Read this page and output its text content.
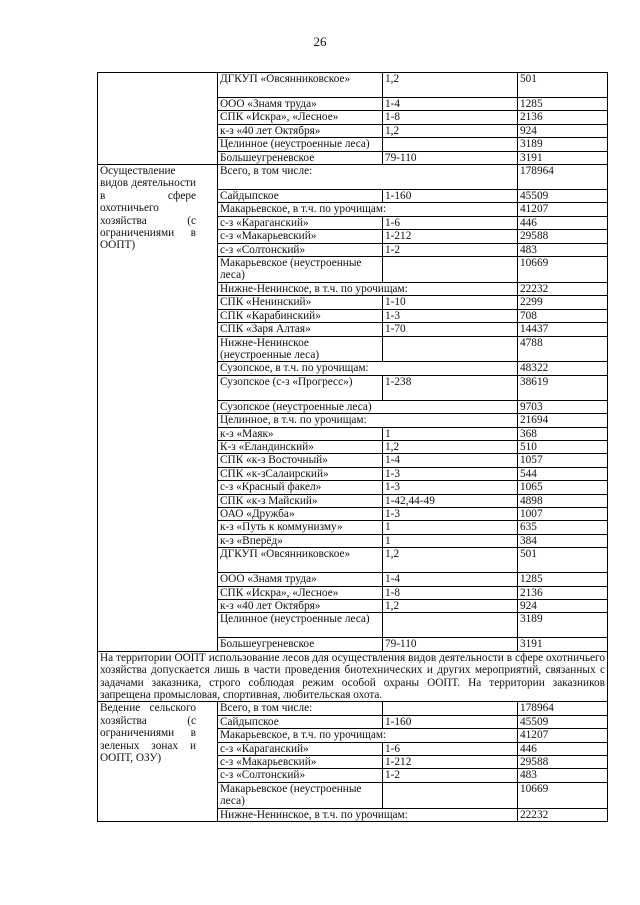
26
	ДГКУП «Овсянниковское»	1,2	501
	ООО «Знамя труда»	1-4	1285
	СПК «Искра», «Лесное»	1-8	2136
	к-з «40 лет Октября»	1,2	924
	Целинное (неустроенные леса)		3189
	Большеугреневское	79-110	3191

Осуществление видов деятельности в сфере охотничьего хозяйства (с ограничениями в ООПТ)	Всего, в том числе:		178964
	Сайдыпское	1-160	45509
	Макарьевское, в т.ч. по урочищам:		41207
	с-з «Караганский»	1-6	446
	с-з «Макарьевский»	1-212	29588
	с-з «Солтонский»	1-2	483
	Макарьевское (неустроенные леса)		10669
	Нижне-Ненинское, в т.ч. по урочищам:		22232
	СПК «Ненинский»	1-10	2299
	СПК «Карабинский»	1-3	708
	СПК «Заря Алтая»	1-70	14437
	Нижне-Ненинское (неустроенные леса)		4788
	Сузопское, в т.ч. по урочищам:		48322
	Сузопское (с-з «Прогресс»)	1-238	38619
	Сузопское (неустроенные леса)		9703
	Целинное, в т.ч. по урочищам:		21694
	к-з «Маяк»	1	368
	К-з «Еландинский»	1,2	510
	СПК «к-з Восточный»	1-4	1057
	СПК «к-зСалаирский»	1-3	544
	с-з «Красный факел»	1-3	1065
	СПК «к-з Майский»	1-42,44-49	4898
	ОАО «Дружба»	1-3	1007
	к-з «Путь к коммунизму»	1	635
	к-з «Вперёд»	1	384
	ДГКУП «Овсянниковское»	1,2	501
	ООО «Знамя труда»	1-4	1285
	СПК «Искра», «Лесное»	1-8	2136
	к-з «40 лет Октября»	1,2	924
	Целинное (неустроенные леса)		3189
	Большеугреневское	79-110	3191
На территории ООПТ использование лесов для осуществления видов деятельности в сфере охотничьего хозяйства допускается лишь в части проведения биотехнических и других мероприятий, связанных с задачами заказника, строго соблюдая режим особой охраны ООПТ. На территории заказников запрещена промысловая, спортивная, любительская охота.			

Ведение сельского хозяйства (с ограничениями в зеленых зонах и ООПТ, ОЗУ)	Всего, в том числе:		178964
	Сайдыпское	1-160	45509
	Макарьевское, в т.ч. по урочищам:		41207
	с-з «Караганский»	1-6	446
	с-з «Макарьевский»	1-212	29588
	с-з «Солтонский»	1-2	483
	Макарьевское (неустроенные леса)		10669
	Нижне-Ненинское, в т.ч. по урочищам:		22232
